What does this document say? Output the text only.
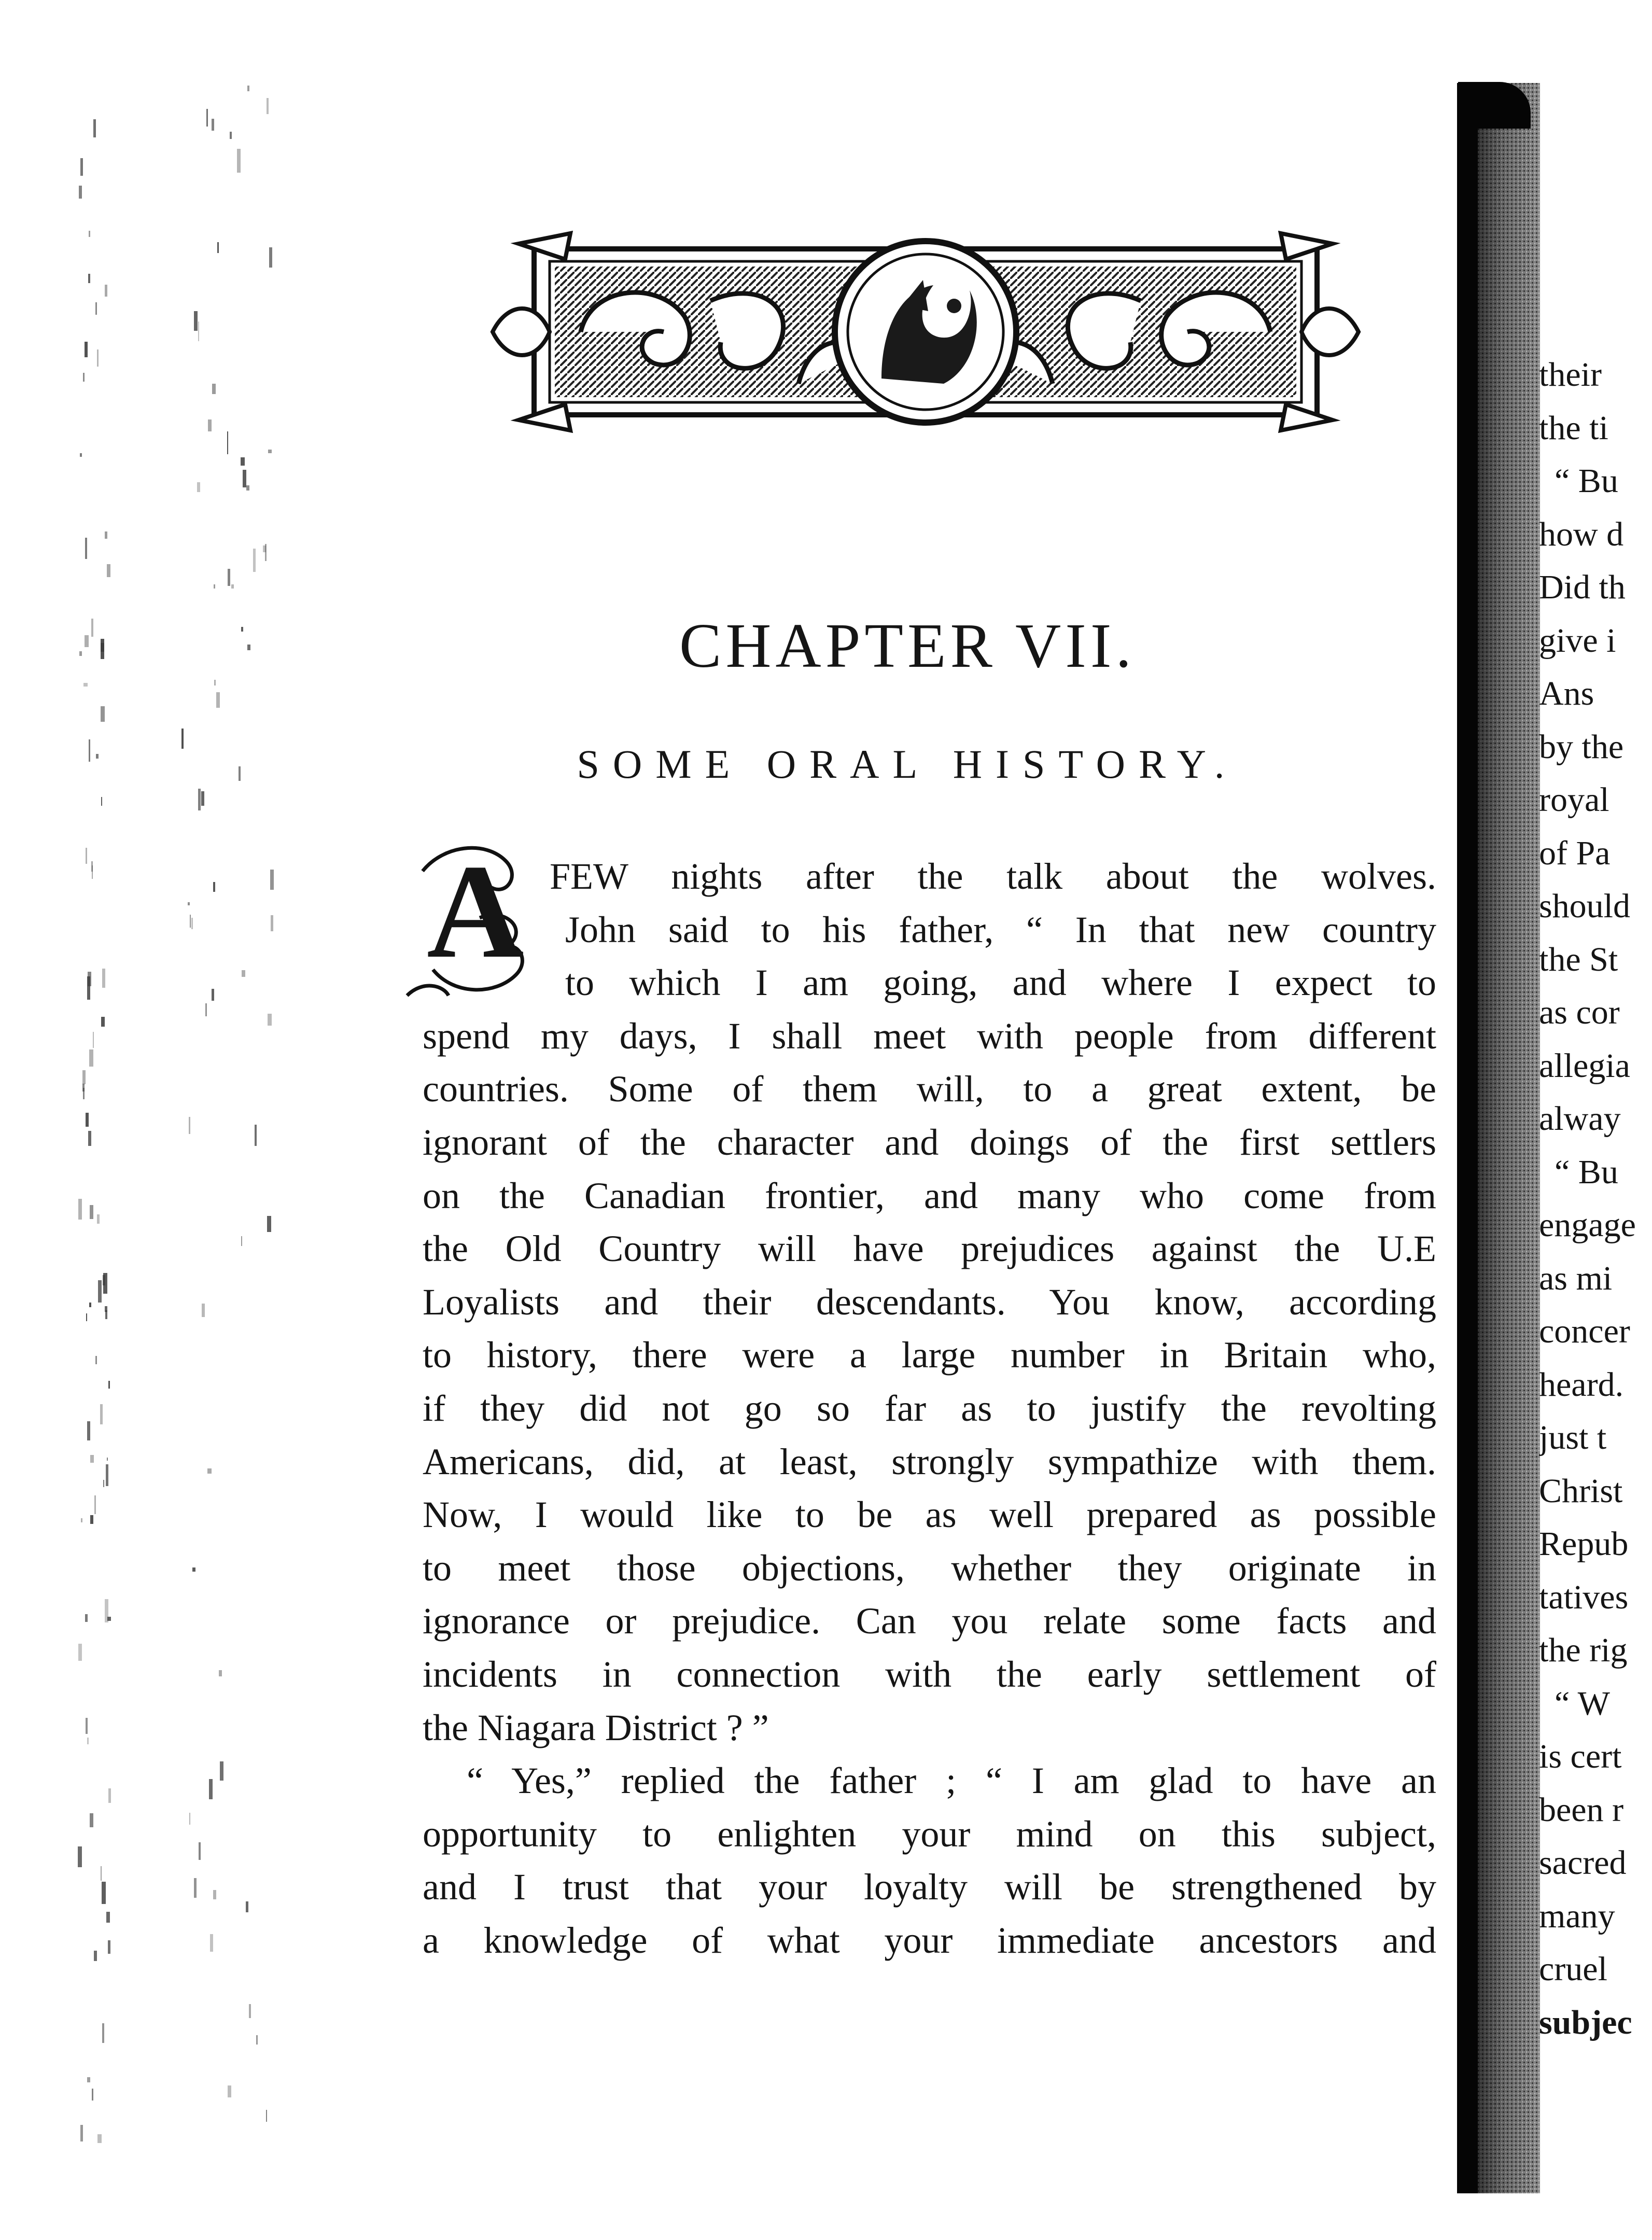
CHAPTER VII.
SOME ORAL HISTORY.
A FEW nights after the talk about the wolves.
John said to his father, “ In that new country
to which I am going, and where I expect to
spend my days, I shall meet with people from different
countries. Some of them will, to a great extent, be
ignorant of the character and doings of the first settlers
on the Canadian frontier, and many who come from
the Old Country will have prejudices against the U.E
Loyalists and their descendants. You know, according
to history, there were a large number in Britain who,
if they did not go so far as to justify the revolting
Americans, did, at least, strongly sympathize with them.
Now, I would like to be as well prepared as possible
to meet those objections, whether they originate in
ignorance or prejudice. Can you relate some facts and
incidents in connection with the early settlement of
the Niagara District ? ”
“ Yes,” replied the father ; “ I am glad to have an
opportunity to enlighten your mind on this subject,
and I trust that your loyalty will be strengthened by
a knowledge of what your immediate ancestors and
their
the ti
“ Bu
how d
Did th
give i
Ans
by the
royal
of Pa
should
the St
as cor
allegia
alway
“ Bu
engage
as mi
concer
heard.
just t
Christ
Repub
tatives
the rig
“ W
is cert
been r
sacred
many
cruel
subjec
